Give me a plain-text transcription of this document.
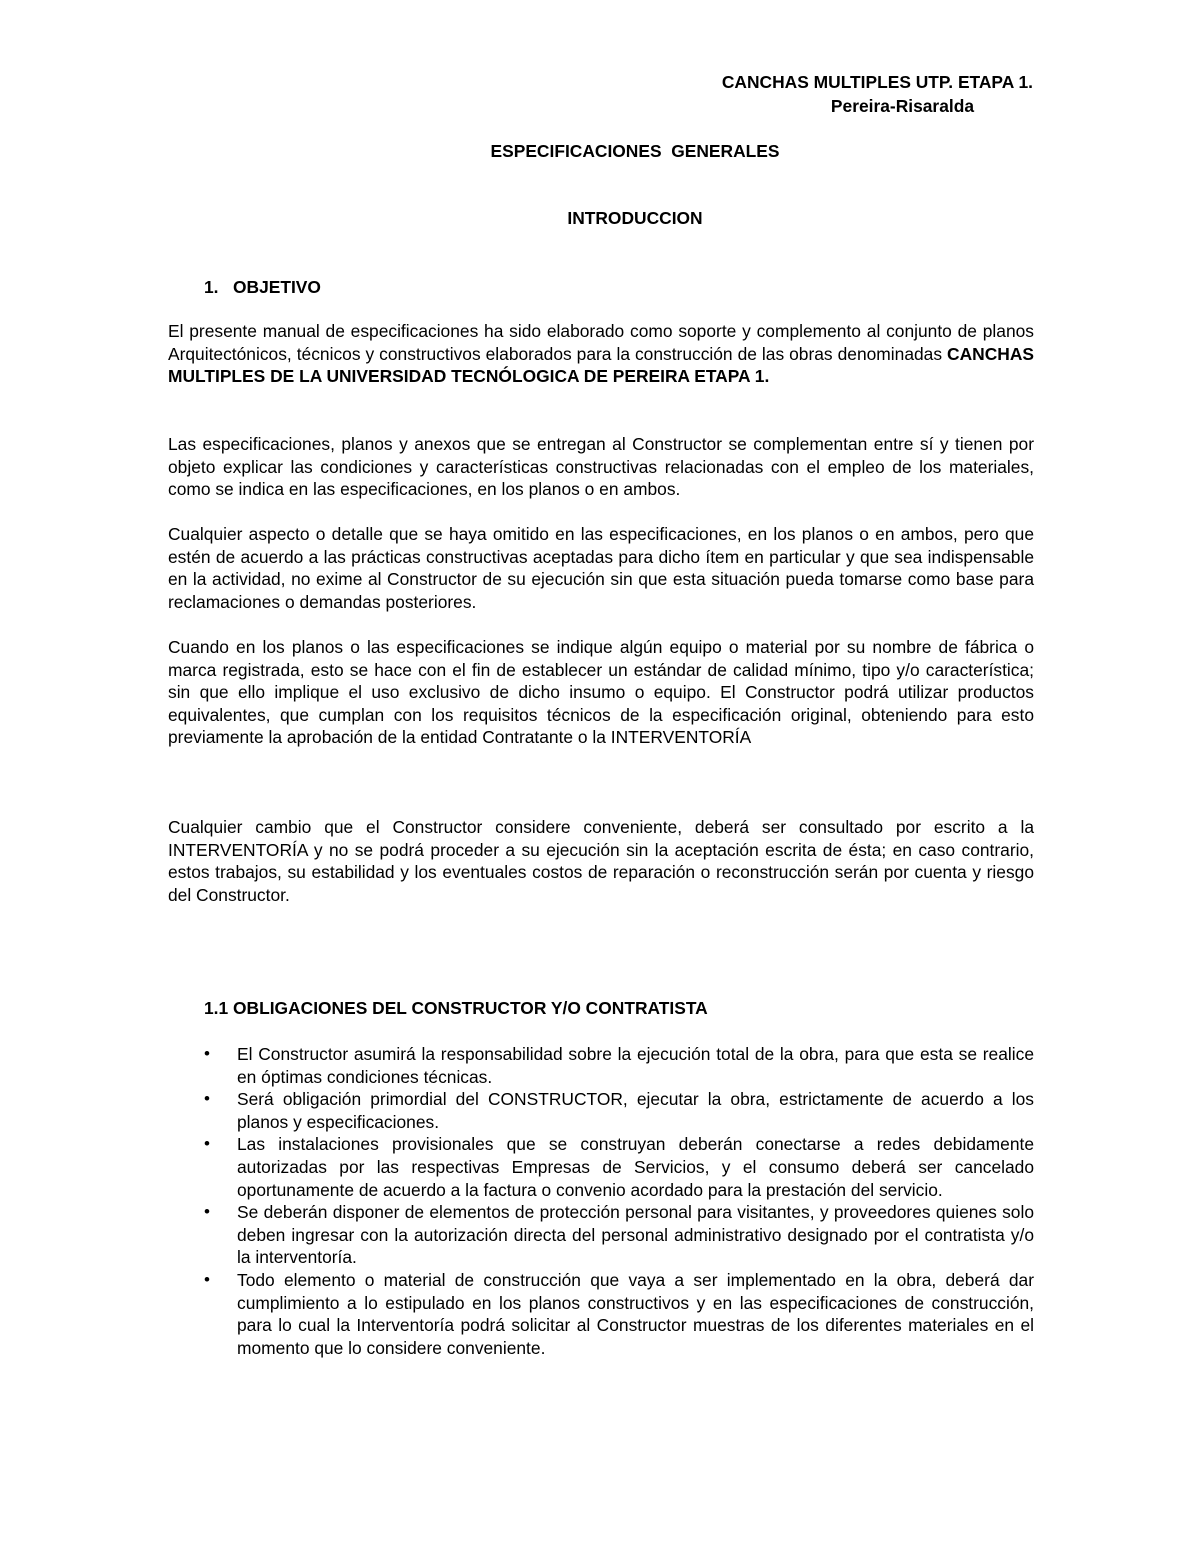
CANCHAS MULTIPLES UTP. ETAPA 1.
Pereira-Risaralda
ESPECIFICACIONES  GENERALES
INTRODUCCION
1.   OBJETIVO
El presente manual de especificaciones ha sido elaborado como soporte y complemento al conjunto de planos Arquitectónicos, técnicos y constructivos elaborados para la construcción de las obras denominadas CANCHAS MULTIPLES DE LA UNIVERSIDAD TECNÓLOGICA DE PEREIRA ETAPA 1.
Las especificaciones, planos y anexos que se entregan al Constructor se complementan entre sí y tienen por objeto explicar las condiciones y características constructivas relacionadas con el empleo de los materiales, como se indica en las especificaciones, en los planos o en ambos.
Cualquier aspecto o detalle que se haya omitido en las especificaciones, en los planos o en ambos, pero que estén de acuerdo a las prácticas constructivas aceptadas para dicho ítem en particular y que sea indispensable en la actividad, no exime al Constructor de su ejecución sin que esta situación pueda tomarse como base para reclamaciones o demandas posteriores.
Cuando en los planos o las especificaciones se indique algún equipo o material por su nombre de fábrica o marca registrada, esto se hace con el fin de establecer un estándar de calidad mínimo, tipo y/o característica; sin que ello implique el uso exclusivo de dicho insumo o equipo. El Constructor podrá utilizar productos equivalentes, que cumplan con los requisitos técnicos de la especificación original, obteniendo para esto previamente la aprobación de la entidad Contratante o la INTERVENTORÍA
Cualquier cambio que el Constructor considere conveniente, deberá ser consultado por escrito a la INTERVENTORÍA y no se podrá proceder a su ejecución sin la aceptación escrita de ésta; en caso contrario, estos trabajos, su estabilidad y los eventuales costos de reparación o reconstrucción serán por cuenta y riesgo del Constructor.
1.1 OBLIGACIONES DEL CONSTRUCTOR Y/O CONTRATISTA
• El Constructor asumirá la responsabilidad sobre la ejecución total de la obra, para que esta se realice en óptimas condiciones técnicas.
• Será obligación primordial del CONSTRUCTOR, ejecutar la obra, estrictamente de acuerdo a los planos y especificaciones.
• Las instalaciones provisionales que se construyan deberán conectarse a redes debidamente autorizadas por las respectivas Empresas de Servicios, y el consumo deberá ser cancelado oportunamente de acuerdo a la factura o convenio acordado para la prestación del servicio.
• Se deberán disponer de elementos de protección personal para visitantes, y proveedores quienes solo deben ingresar con la autorización directa del personal administrativo designado por el contratista y/o la interventoría.
• Todo elemento o material de construcción que vaya a ser implementado en la obra, deberá dar cumplimiento a lo estipulado en los planos constructivos y en las especificaciones de construcción, para lo cual la Interventoría podrá solicitar al Constructor muestras de los diferentes materiales en el momento que lo considere conveniente.
